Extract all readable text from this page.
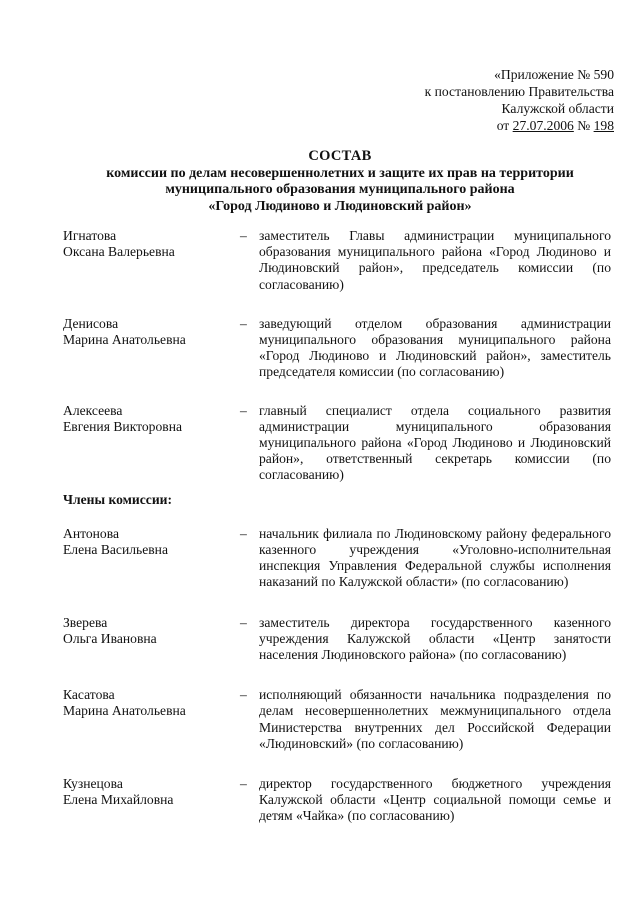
«Приложение № 590
к постановлению Правительства
Калужской области
от 27.07.2006 № 198
СОСТАВ
комиссии по делам несовершеннолетних и защите их прав на территории
муниципального образования муниципального района
«Город Людиново и Людиновский район»
Игнатова
Оксана Валерьевна
– заместитель Главы администрации муниципального образования муниципального района «Город Людиново и Людиновский район», председатель комиссии (по согласованию)
Денисова
Марина Анатольевна
– заведующий отделом образования администрации муниципального образования муниципального района «Город Людиново и Людиновский район», заместитель председателя комиссии (по согласованию)
Алексеева
Евгения Викторовна
– главный специалист отдела социального развития администрации муниципального образования муниципального района «Город Людиново и Людиновский район», ответственный секретарь комиссии (по согласованию)
Члены комиссии:
Антонова
Елена Васильевна
– начальник филиала по Людиновскому району федерального казенного учреждения «Уголовно-исполнительная инспекция Управления Федеральной службы исполнения наказаний по Калужской области» (по согласованию)
Зверева
Ольга Ивановна
– заместитель директора государственного казенного учреждения Калужской области «Центр занятости населения Людиновского района» (по согласованию)
Касатова
Марина Анатольевна
– исполняющий обязанности начальника подразделения по делам несовершеннолетних межмуниципального отдела Министерства внутренних дел Российской Федерации «Людиновский» (по согласованию)
Кузнецова
Елена Михайловна
– директор государственного бюджетного учреждения Калужской области «Центр социальной помощи семье и детям «Чайка» (по согласованию)
